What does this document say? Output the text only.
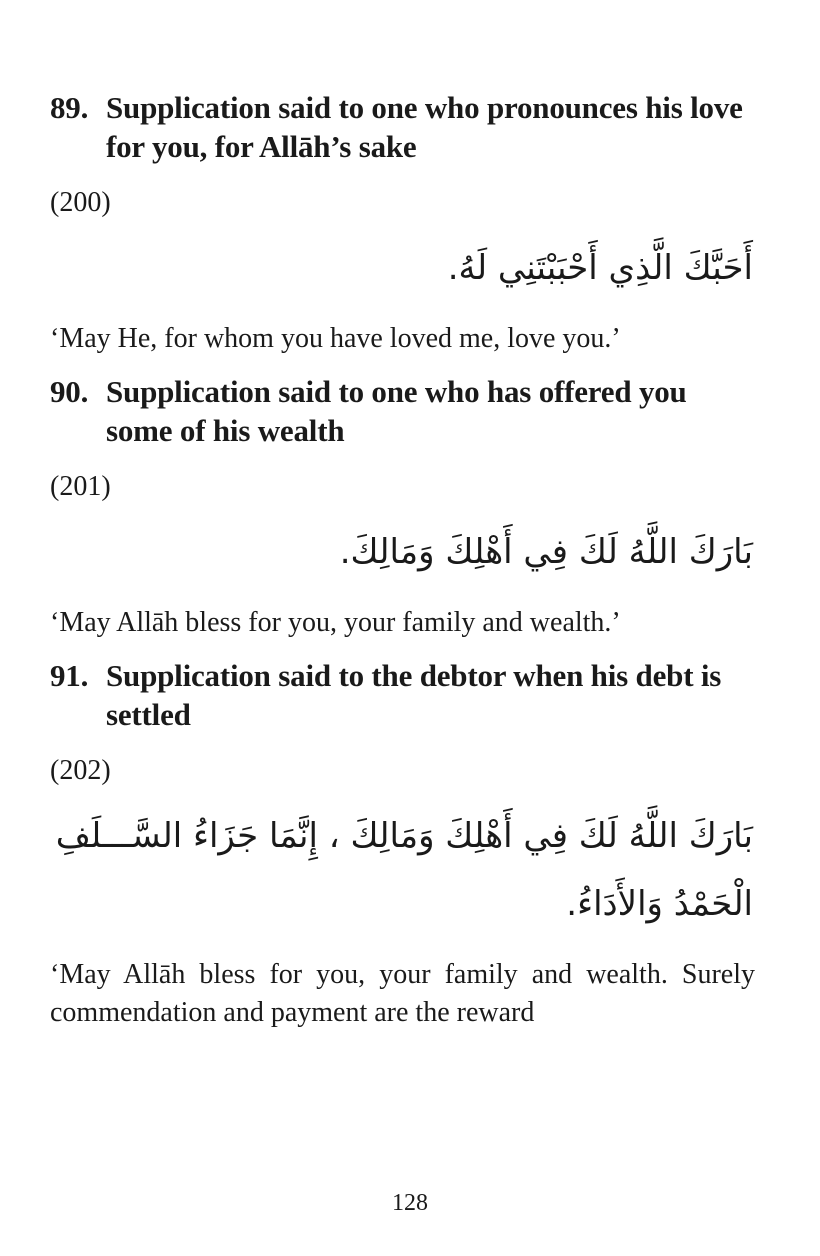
89. Supplication said to one who pronounces his love for you, for Allāh’s sake
(200)
أَحَبَّكَ الَّذِي أَحْبَبْتَنِي لَهُ.
‘May He, for whom you have loved me, love you.’
90. Supplication said to one who has offered you some of his wealth
(201)
بَارَكَ اللَّهُ لَكَ فِي أَهْلِكَ وَمَالِكَ.
‘May Allāh bless for you, your family and wealth.’
91. Supplication said to the debtor when his debt is settled
(202)
بَارَكَ اللَّهُ لَكَ فِي أَهْلِكَ وَمَالِكَ ، إِنَّمَا جَزَاءُ السَّـــلَفِ الْحَمْدُ وَالأَدَاءُ.
‘May Allāh bless for you, your family and wealth. Surely commendation and payment are the reward
128
